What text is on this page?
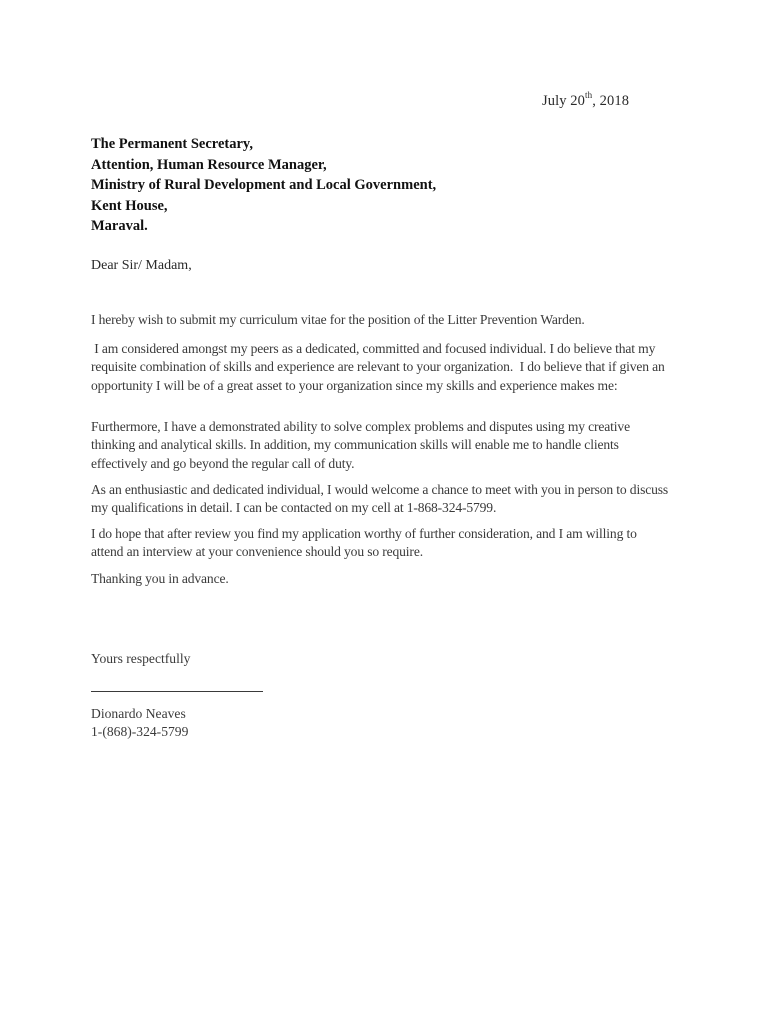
July 20th, 2018
The Permanent Secretary,
Attention, Human Resource Manager,
Ministry of Rural Development and Local Government,
Kent House,
Maraval.
Dear Sir/ Madam,
I hereby wish to submit my curriculum vitae for the position of the Litter Prevention Warden.
I am considered amongst my peers as a dedicated, committed and focused individual. I do believe that my requisite combination of skills and experience are relevant to your organization.  I do believe that if given an opportunity I will be of a great asset to your organization since my skills and experience makes me:
Furthermore, I have a demonstrated ability to solve complex problems and disputes using my creative thinking and analytical skills. In addition, my communication skills will enable me to handle clients effectively and go beyond the regular call of duty.
As an enthusiastic and dedicated individual, I would welcome a chance to meet with you in person to discuss my qualifications in detail. I can be contacted on my cell at 1-868-324-5799.
I do hope that after review you find my application worthy of further consideration, and I am willing to attend an interview at your convenience should you so require.
Thanking you in advance.
Yours respectfully
Dionardo Neaves
1-(868)-324-5799
